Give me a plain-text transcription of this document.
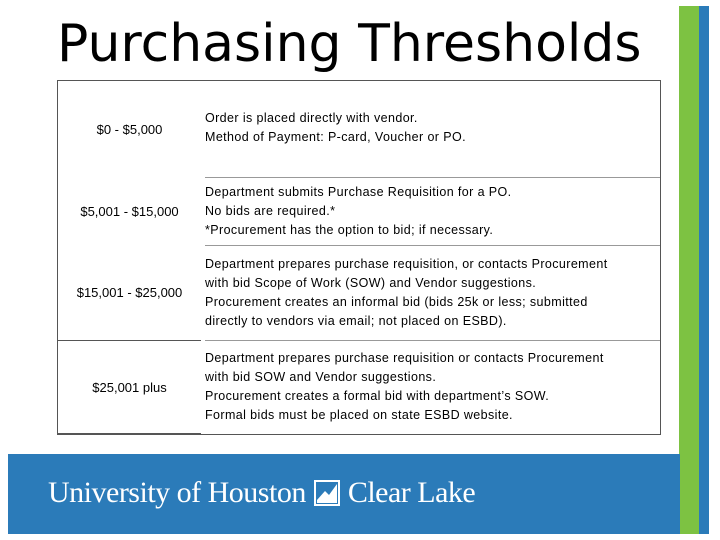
Purchasing Thresholds
$0 - $5,000
Order is placed directly with vendor.
Method of Payment: P-card, Voucher or PO.
$5,001 - $15,000
Department submits Purchase Requisition for a PO.
No bids are required.*
*Procurement has the option to bid; if necessary.
$15,001 - $25,000
Department prepares purchase requisition, or contacts Procurement
with bid Scope of Work (SOW) and Vendor suggestions.
Procurement creates an informal bid (bids 25k or less; submitted
directly to vendors via email; not placed on ESBD).
$25,001 plus
Department prepares purchase requisition or contacts Procurement
with bid SOW and Vendor suggestions.
Procurement creates a formal bid with department’s SOW.
Formal bids must be placed on state ESBD website.
University of Houston Clear Lake
